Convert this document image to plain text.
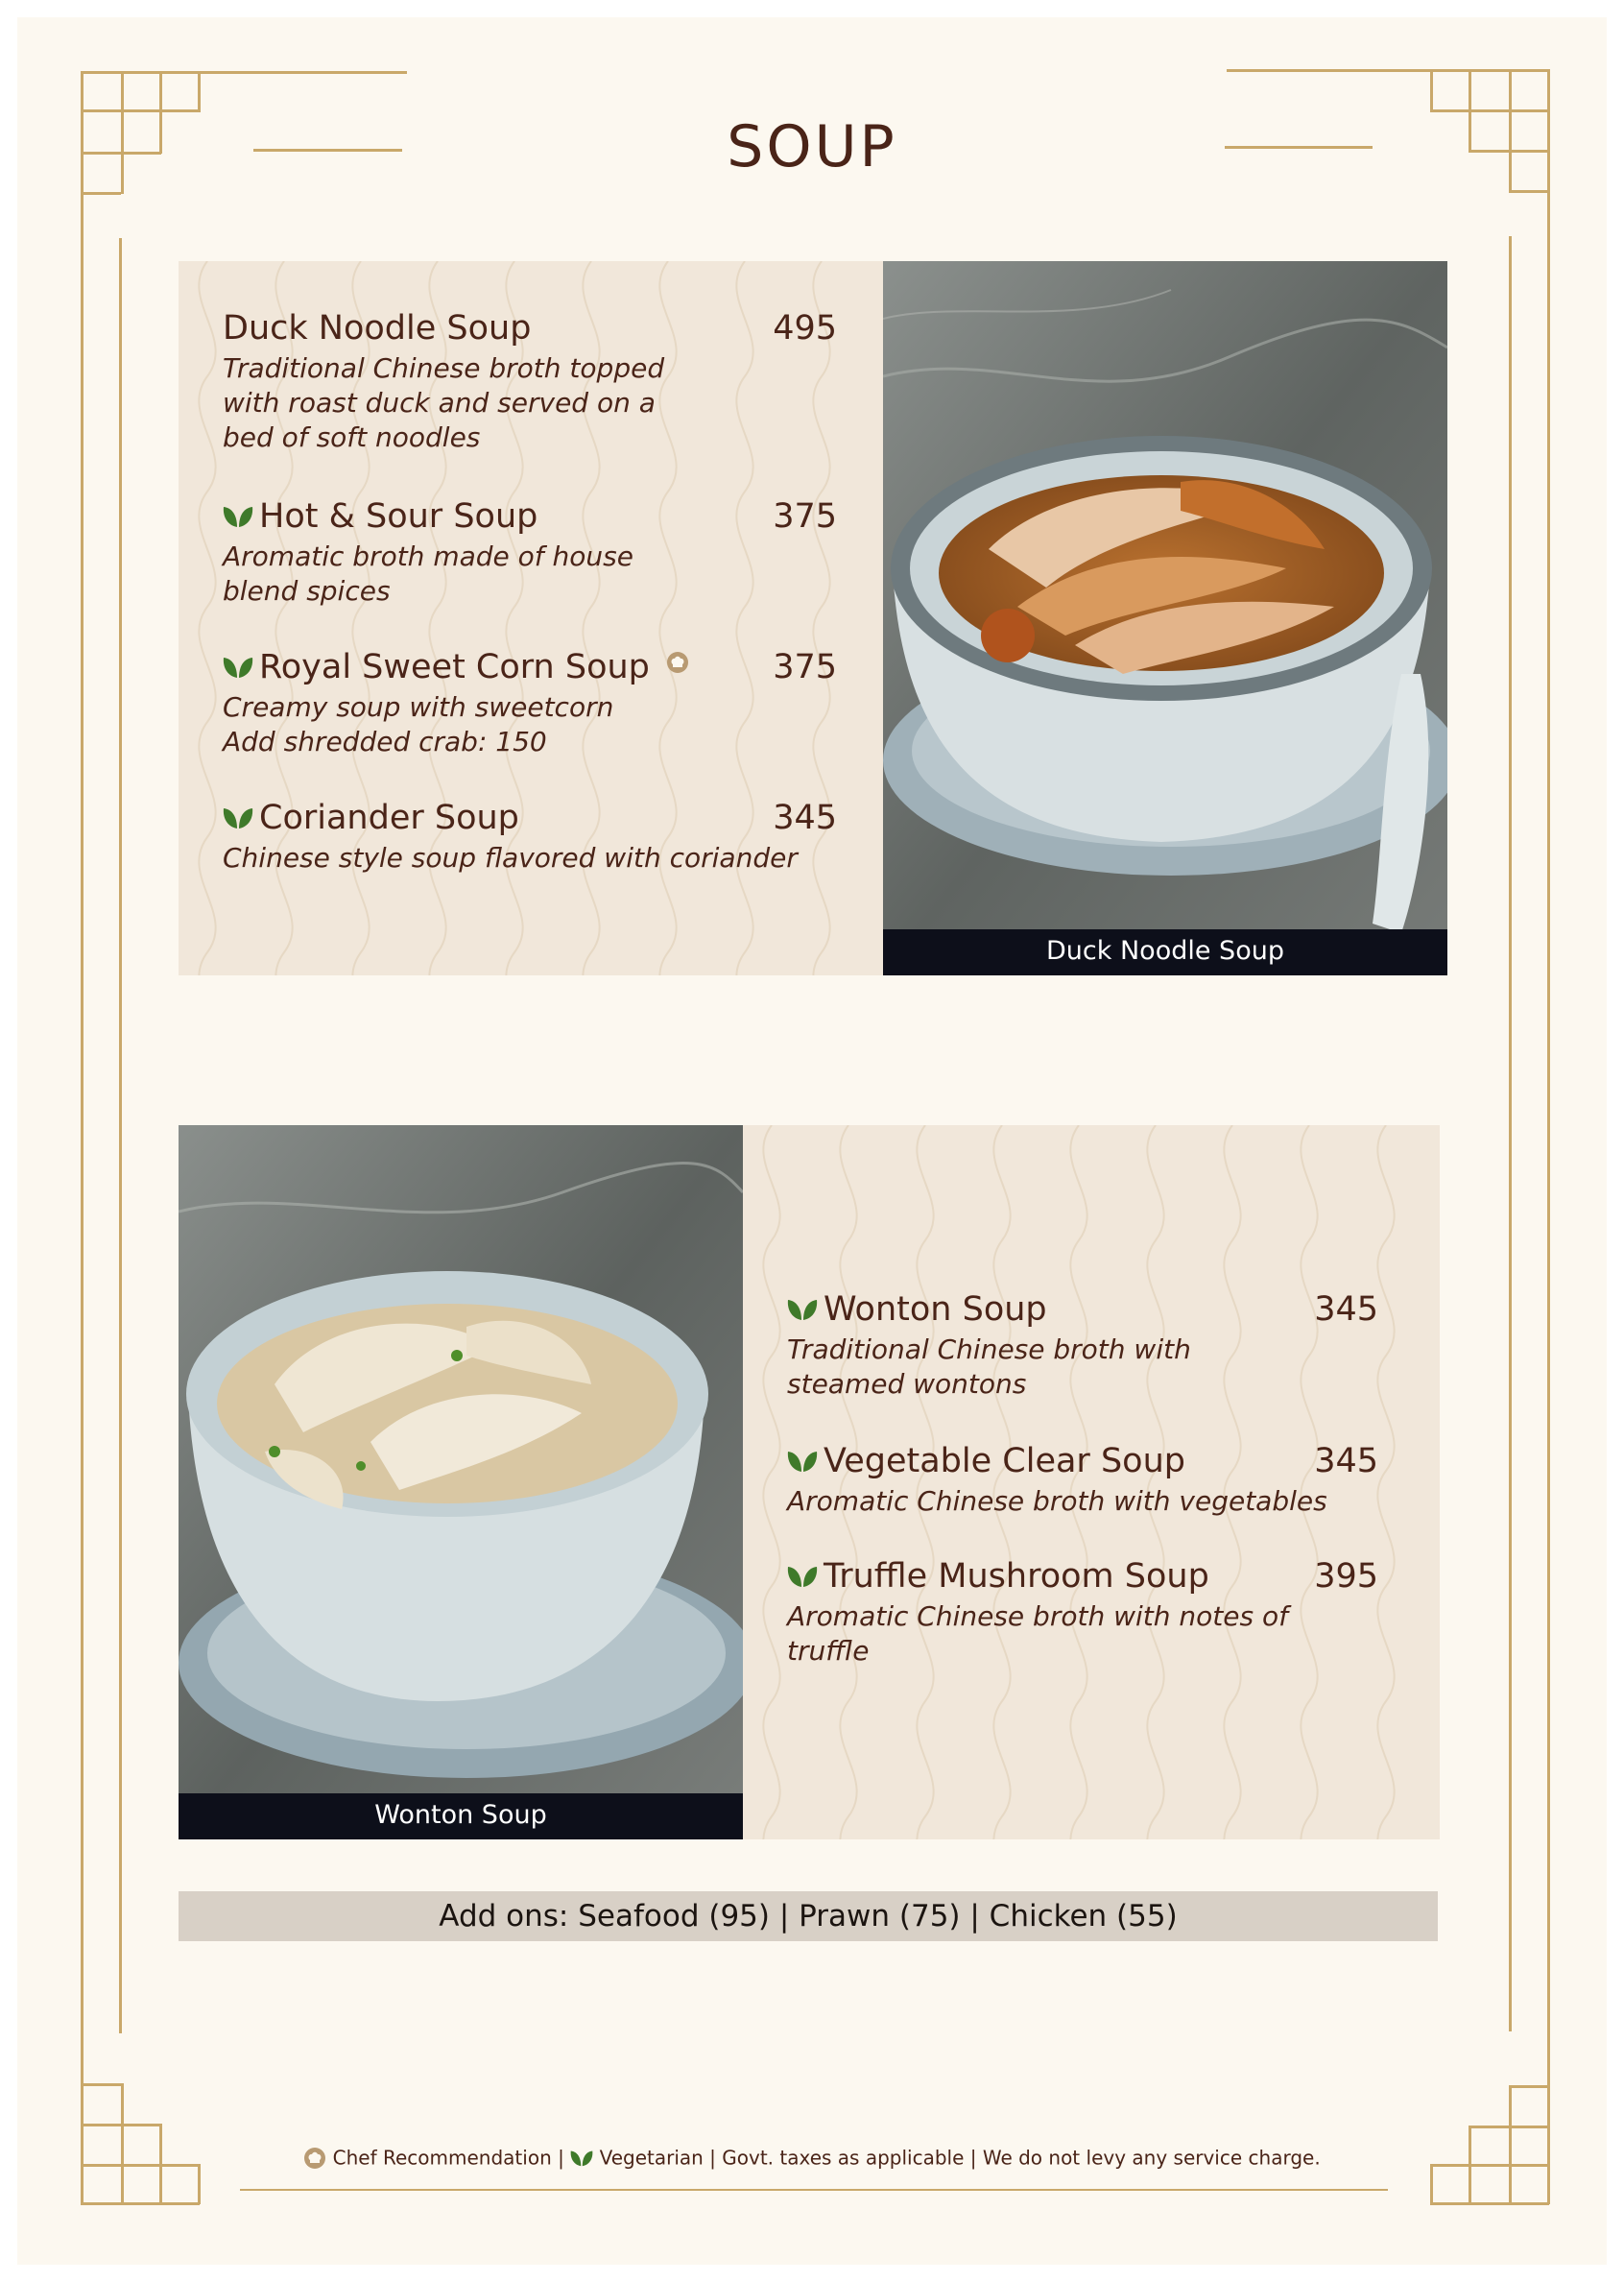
SOUP
Duck Noodle Soup	495
Traditional Chinese broth topped
with roast duck and served on a
bed of soft noodles
Hot & Sour Soup	375
Aromatic broth made of house
blend spices
Royal Sweet Corn Soup	375
Creamy soup with sweetcorn
Add shredded crab: 150
Coriander Soup	345
Chinese style soup flavored with coriander
Duck Noodle Soup
Wonton Soup
Wonton Soup	345
Traditional Chinese broth with
steamed wontons
Vegetable Clear Soup	345
Aromatic Chinese broth with vegetables
Truffle Mushroom Soup	395
Aromatic Chinese broth with notes of truffle
Add ons: Seafood (95) | Prawn (75) | Chicken (55)
Chef Recommendation | Vegetarian | Govt. taxes as applicable | We do not levy any service charge.
